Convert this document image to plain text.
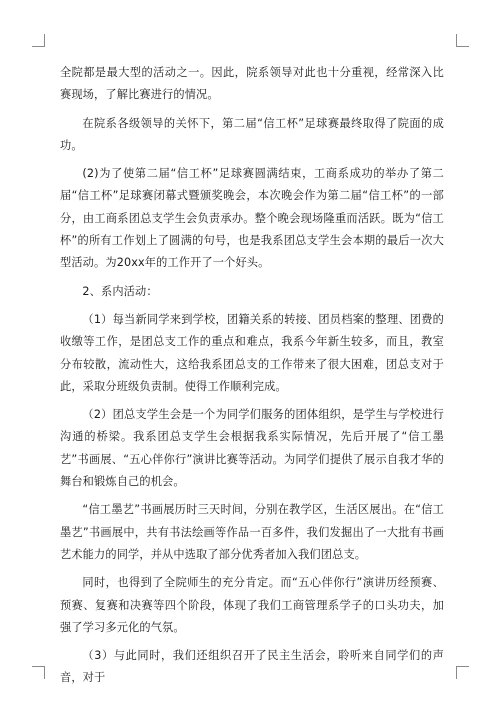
全院都是最大型的活动之一。因此，院系领导对此也十分重视，经常深入比赛现场，了解比赛进行的情况。

在院系各级领导的关怀下，第二届“信工杯”足球赛最终取得了院面的成功。

(2)为了使第二届“信工杯”足球赛圆满结束，工商系成功的举办了第二届“信工杯”足球赛闭幕式暨颁奖晚会，本次晚会作为第二届“信工杯”的一部分，由工商系团总支学生会负责承办。整个晚会现场隆重而活跃。既为“信工杯”的所有工作划上了圆满的句号，也是我系团总支学生会本期的最后一次大型活动。为20xx年的工作开了一个好头。

2、系内活动：

（1）每当新同学来到学校，团籍关系的转接、团员档案的整理、团费的收缴等工作，是团总支工作的重点和难点，我系今年新生较多，而且，教室分布较散，流动性大，这给我系团总支的工作带来了很大困难，团总支对于此，采取分班级负责制。使得工作顺利完成。

（2）团总支学生会是一个为同学们服务的团体组织，是学生与学校进行沟通的桥梁。我系团总支学生会根据我系实际情况，先后开展了“信工墨艺”书画展、“五心伴你行”演讲比赛等活动。为同学们提供了展示自我才华的舞台和锻炼自己的机会。

“信工墨艺”书画展历时三天时间，分别在教学区，生活区展出。在“信工墨艺”书画展中，共有书法绘画等作品一百多件，我们发掘出了一大批有书画艺术能力的同学，并从中选取了部分优秀者加入我们团总支。

同时，也得到了全院师生的充分肯定。而“五心伴你行”演讲历经预赛、预赛、复赛和决赛等四个阶段，体现了我们工商管理系学子的口头功夫，加强了学习多元化的气氛。

（3）与此同时，我们还组织召开了民主生活会，聆听来自同学们的声音，对于
